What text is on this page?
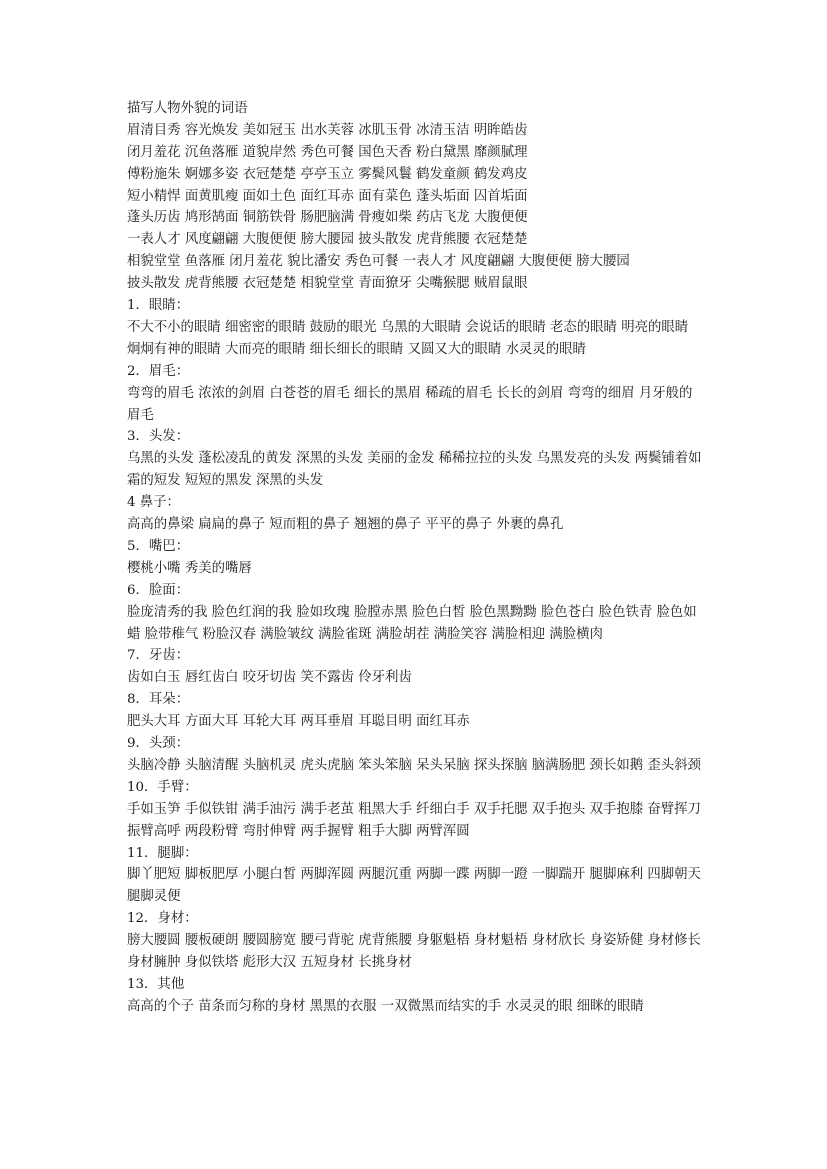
描写人物外貌的词语
眉清目秀 容光焕发 美如冠玉 出水芙蓉 冰肌玉骨 冰清玉洁 明眸皓齿
闭月羞花 沉鱼落雁 道貌岸然 秀色可餐 国色天香 粉白黛黑 靡颜腻理
傅粉施朱 婀娜多姿 衣冠楚楚 亭亭玉立 雾鬓风鬟 鹤发童颜 鹤发鸡皮
短小精悍 面黄肌瘦 面如土色 面红耳赤 面有菜色 蓬头垢面 囚首垢面
蓬头历齿 鸠形鹄面 铜筋铁骨 肠肥脑满 骨瘦如柴 药店飞龙 大腹便便
一表人才 风度翩翩 大腹便便 膀大腰园 披头散发 虎背熊腰 衣冠楚楚
相貌堂堂 鱼落雁 闭月羞花 貌比潘安 秀色可餐 一表人才 风度翩翩 大腹便便 膀大腰园
披头散发 虎背熊腰 衣冠楚楚 相貌堂堂 青面獠牙 尖嘴猴腮 贼眉鼠眼
1．眼睛：
不大不小的眼睛 细密密的眼睛 鼓励的眼光 乌黑的大眼睛 会说话的眼睛 老态的眼睛 明亮的眼睛 炯炯有神的眼睛 大而亮的眼睛 细长细长的眼睛 又圆又大的眼睛 水灵灵的眼睛
2．眉毛：
弯弯的眉毛 浓浓的剑眉 白苍苍的眉毛 细长的黑眉 稀疏的眉毛 长长的剑眉 弯弯的细眉 月牙般的眉毛
3．头发：
乌黑的头发 蓬松凌乱的黄发 深黑的头发 美丽的金发 稀稀拉拉的头发 乌黑发亮的头发 两鬓铺着如霜的短发 短短的黑发 深黑的头发
4 鼻子：
高高的鼻梁 扁扁的鼻子 短而粗的鼻子 翘翘的鼻子 平平的鼻子 外裹的鼻孔
5．嘴巴：
樱桃小嘴 秀美的嘴唇
6．脸面：
脸庞清秀的我 脸色红润的我 脸如玫瑰 脸膛赤黑 脸色白皙 脸色黑黝黝 脸色苍白 脸色铁青 脸色如蜡 脸带稚气 粉脸汉春 满脸皱纹 满脸雀斑 满脸胡茬 满脸笑容 满脸相迎 满脸横肉
7．牙齿：
齿如白玉 唇红齿白 咬牙切齿 笑不露齿 伶牙利齿
8．耳朵：
肥头大耳 方面大耳 耳轮大耳 两耳垂眉 耳聪目明 面红耳赤
9．头颈：
头脑冷静 头脑清醒 头脑机灵 虎头虎脑 笨头笨脑 呆头呆脑 探头探脑 脑满肠肥 颈长如鹅 歪头斜颈
10．手臂：
手如玉笋 手似铁钳 满手油污 满手老茧 粗黑大手 纤细白手 双手托腮 双手抱头 双手抱膝 奋臂挥刀 振臂高呼 两段粉臂 弯肘伸臂 两手握臂 粗手大脚 两臂浑圆
11．腿脚：
脚丫肥短 脚板肥厚 小腿白皙 两脚浑圆 两腿沉重 两脚一蹀 两脚一蹬 一脚踹开 腿脚麻利 四脚朝天 腿脚灵便
12．身材：
膀大腰圆 腰板硬朗 腰圆膀宽 腰弓背驼 虎背熊腰 身躯魁梧 身材魁梧 身材欣长 身姿矫健 身材修长 身材臃肿 身似铁塔 彪形大汉 五短身材 长挑身材
13．其他
高高的个子 苗条而匀称的身材 黑黑的衣服 一双微黑而结实的手 水灵灵的眼 细眯的眼睛
